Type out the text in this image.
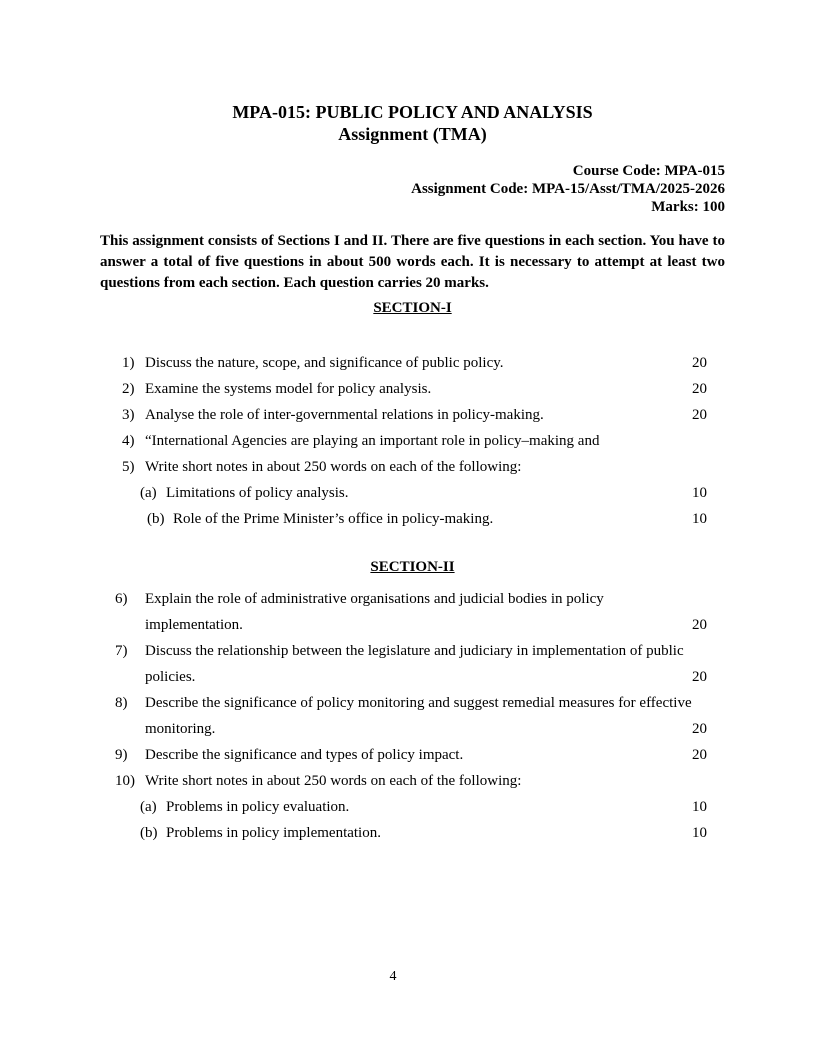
MPA-015: PUBLIC POLICY AND ANALYSIS
Assignment (TMA)
Course Code: MPA-015
Assignment Code: MPA-15/Asst/TMA/2025-2026
Marks: 100
This assignment consists of Sections I and II. There are five questions in each section. You have to answer a total of five questions in about 500 words each. It is necessary to attempt at least two questions from each section. Each question carries 20 marks.
SECTION-I
1) Discuss the nature, scope, and significance of public policy.	20
2) Examine the systems model for policy analysis.	20
3) Analyse the role of inter-governmental relations in policy-making.	20
4) “International Agencies are playing an important role in policy–making and
5) Write short notes in about 250 words on each of the following:
(a) Limitations of policy analysis.	10
(b) Role of the Prime Minister’s office in policy-making.	10
SECTION-II
6)	Explain the role of administrative organisations and judicial bodies in policy implementation.	20
7)	Discuss the relationship between the legislature and judiciary in implementation of public policies.	20
8)	Describe the significance of policy monitoring and suggest remedial measures for effective monitoring.	20
9)	Describe the significance and types of policy impact.	20
10) Write short notes in about 250 words on each of the following:
(a) Problems in policy evaluation.	10
(b) Problems in policy implementation.	10
4
